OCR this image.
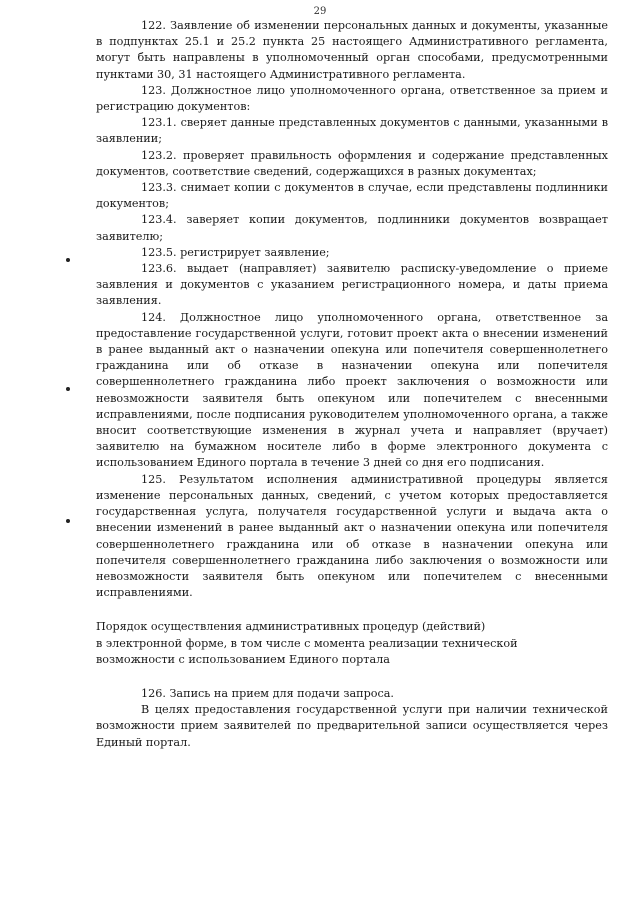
29

122. Заявление об изменении персональных данных и документы, указанные в подпунктах 25.1 и 25.2 пункта 25 настоящего Административного регламента, могут быть направлены в уполномоченный орган способами, предусмотренными пунктами 30, 31 настоящего Административного регламента.

123. Должностное лицо уполномоченного органа, ответственное за прием и регистрацию документов:

123.1. сверяет данные представленных документов с данными, указанными в заявлении;

123.2. проверяет правильность оформления и содержание представленных документов, соответствие сведений, содержащихся в разных документах;

123.3. снимает копии с документов в случае, если представлены подлинники документов;

123.4. заверяет копии документов, подлинники документов возвращает заявителю;

123.5. регистрирует заявление;

123.6. выдает (направляет) заявителю расписку-уведомление о приеме заявления и документов с указанием регистрационного номера, и даты приема заявления.

124. Должностное лицо уполномоченного органа, ответственное за предоставление государственной услуги, готовит проект акта о внесении изменений в ранее выданный акт о назначении опекуна или попечителя совершеннолетнего гражданина или об отказе в назначении опекуна или попечителя совершеннолетнего гражданина либо проект заключения о возможности или невозможности заявителя быть опекуном или попечителем с внесенными исправлениями, после подписания руководителем уполномоченного органа, а также вносит соответствующие изменения в журнал учета и направляет (вручает) заявителю на бумажном носителе либо в форме электронного документа с использованием Единого портала в течение 3 дней со дня его подписания.

125. Результатом исполнения административной процедуры является изменение персональных данных, сведений, с учетом которых предоставляется государственная услуга, получателя государственной услуги и выдача акта о внесении изменений в ранее выданный акт о назначении опекуна или попечителя совершеннолетнего гражданина или об отказе в назначении опекуна или попечителя совершеннолетнего гражданина либо заключения о возможности или невозможности заявителя быть опекуном или попечителем с внесенными исправлениями.

Порядок осуществления административных процедур (действий)
в электронной форме, в том числе с момента реализации технической
возможности с использованием Единого портала

126. Запись на прием для подачи запроса.

В целях предоставления государственной услуги при наличии технической возможности прием заявителей по предварительной записи осуществляется через Единый портал.
